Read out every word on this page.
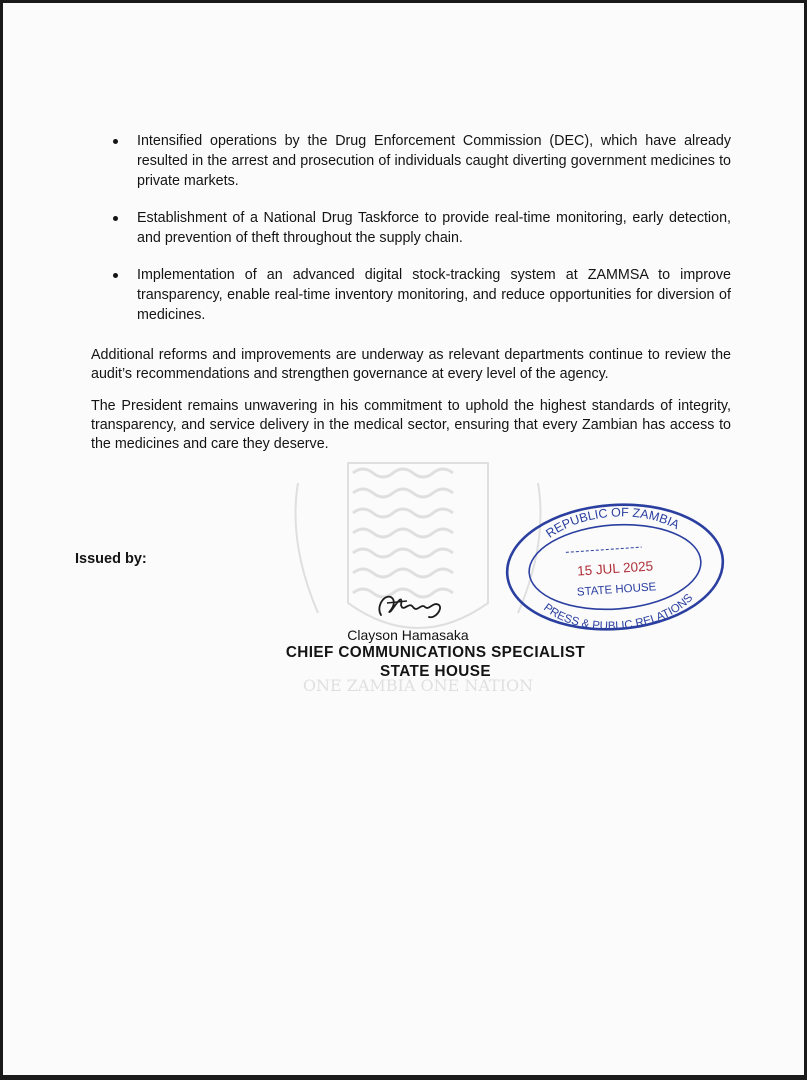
ONE ZAMBIA ONE NATION
Intensified operations by the Drug Enforcement Commission (DEC), which have already resulted in the arrest and prosecution of individuals caught diverting government medicines to private markets.
Establishment of a National Drug Taskforce to provide real-time monitoring, early detection, and prevention of theft throughout the supply chain.
Implementation of an advanced digital stock-tracking system at ZAMMSA to improve transparency, enable real-time inventory monitoring, and reduce opportunities for diversion of medicines.

Additional reforms and improvements are underway as relevant departments continue to review the audit’s recommendations and strengthen governance at every level of the agency.

The President remains unwavering in his commitment to uphold the highest standards of integrity, transparency, and service delivery in the medical sector, ensuring that every Zambian has access to the medicines and care they deserve.

Issued by:
Clayson Hamasaka
CHIEF COMMUNICATIONS SPECIALIST
STATE HOUSE
REPUBLIC OF ZAMBIA
PRESS & PUBLIC RELATIONS
15 JUL 2025
STATE HOUSE
